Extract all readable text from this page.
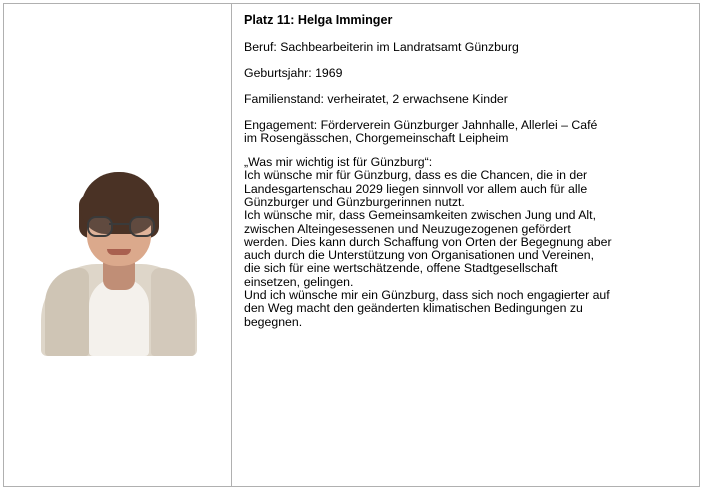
Platz 11: Helga Imminger
Beruf: Sachbearbeiterin im Landratsamt Günzburg
Geburtsjahr: 1969
Familienstand: verheiratet, 2 erwachsene Kinder
Engagement: Förderverein Günzburger Jahnhalle, Allerlei – Café
im Rosengässchen, Chorgemeinschaft Leipheim
„Was mir wichtig ist für Günzburg“:
Ich wünsche mir für Günzburg, dass es die Chancen, die in der
Landesgartenschau 2029 liegen sinnvoll vor allem auch für alle
Günzburger und Günzburgerinnen nutzt.
Ich wünsche mir, dass Gemeinsamkeiten zwischen Jung und Alt,
zwischen Alteingesessenen und Neuzugezogenen gefördert
werden. Dies kann durch Schaffung von Orten der Begegnung aber
auch durch die Unterstützung von Organisationen und Vereinen,
die sich für eine wertschätzende, offene Stadtgesellschaft
einsetzen, gelingen.
Und ich wünsche mir ein Günzburg, dass sich noch engagierter auf
den Weg macht den geänderten klimatischen Bedingungen zu
begegnen.
